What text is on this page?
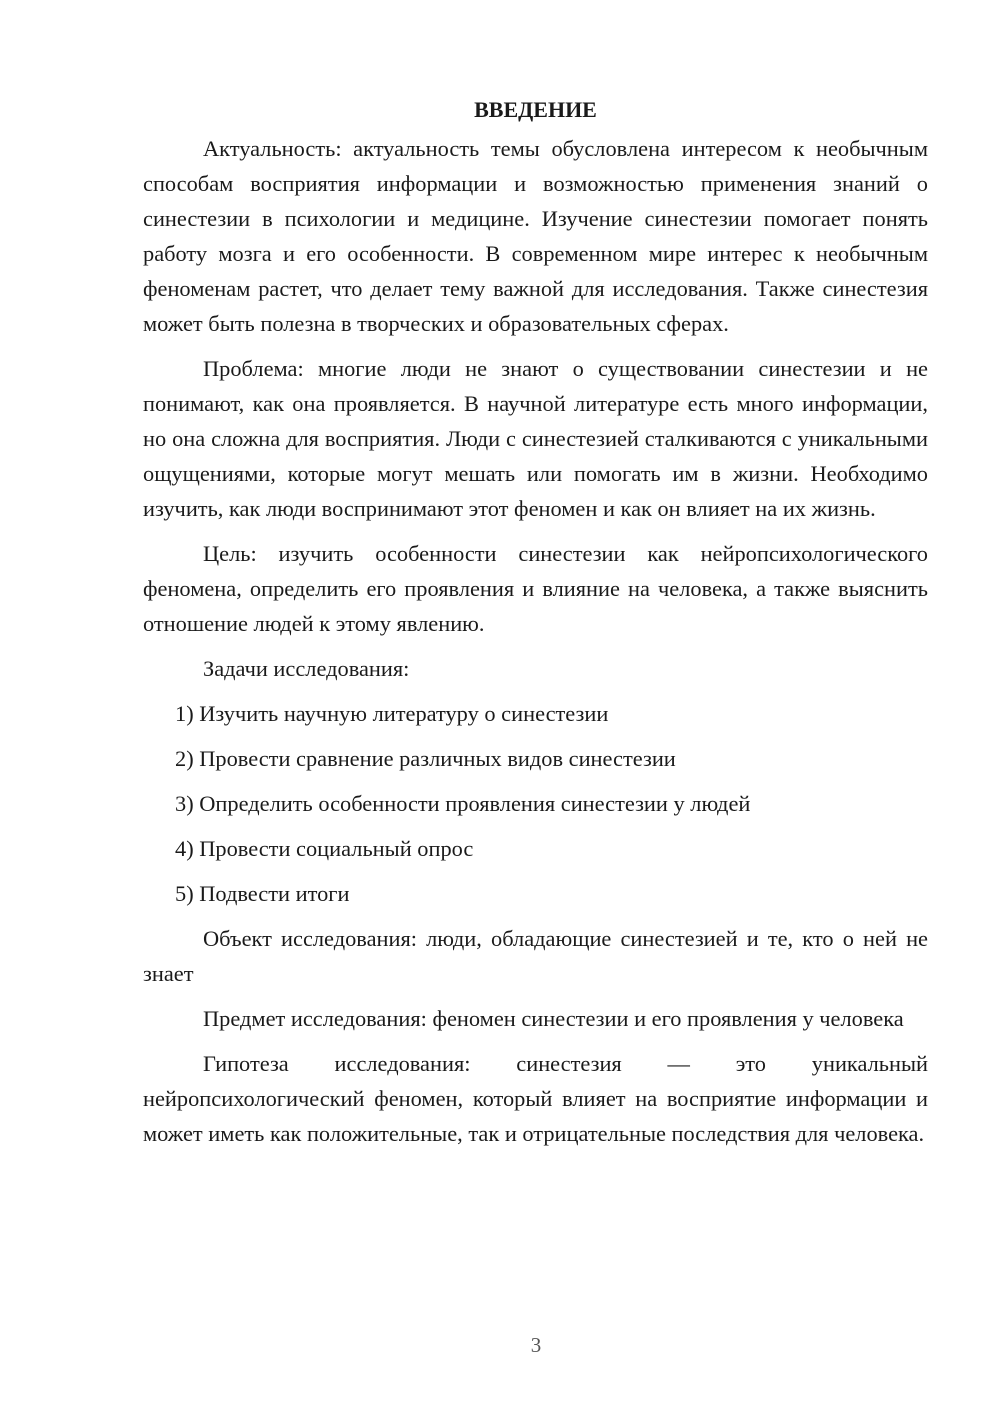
ВВЕДЕНИЕ

Актуальность: актуальность темы обусловлена интересом к необычным способам восприятия информации и возможностью применения знаний о синестезии в психологии и медицине. Изучение синестезии помогает понять работу мозга и его особенности. В современном мире интерес к необычным феноменам растет, что делает тему важной для исследования. Также синестезия может быть полезна в творческих и образовательных сферах.

Проблема: многие люди не знают о существовании синестезии и не понимают, как она проявляется. В научной литературе есть много информации, но она сложна для восприятия. Люди с синестезией сталкиваются с уникальными ощущениями, которые могут мешать или помогать им в жизни. Необходимо изучить, как люди воспринимают этот феномен и как он влияет на их жизнь.

Цель: изучить особенности синестезии как нейропсихологического феномена, определить его проявления и влияние на человека, а также выяснить отношение людей к этому явлению.

Задачи исследования:

1) Изучить научную литературу о синестезии
2) Провести сравнение различных видов синестезии
3) Определить особенности проявления синестезии у людей
4) Провести социальный опрос
5) Подвести итоги

Объект исследования: люди, обладающие синестезией и те, кто о ней не знает

Предмет исследования: феномен синестезии и его проявления у человека

Гипотеза исследования: синестезия — это уникальный нейропсихологический феномен, который влияет на восприятие информации и может иметь как положительные, так и отрицательные последствия для человека.

3
